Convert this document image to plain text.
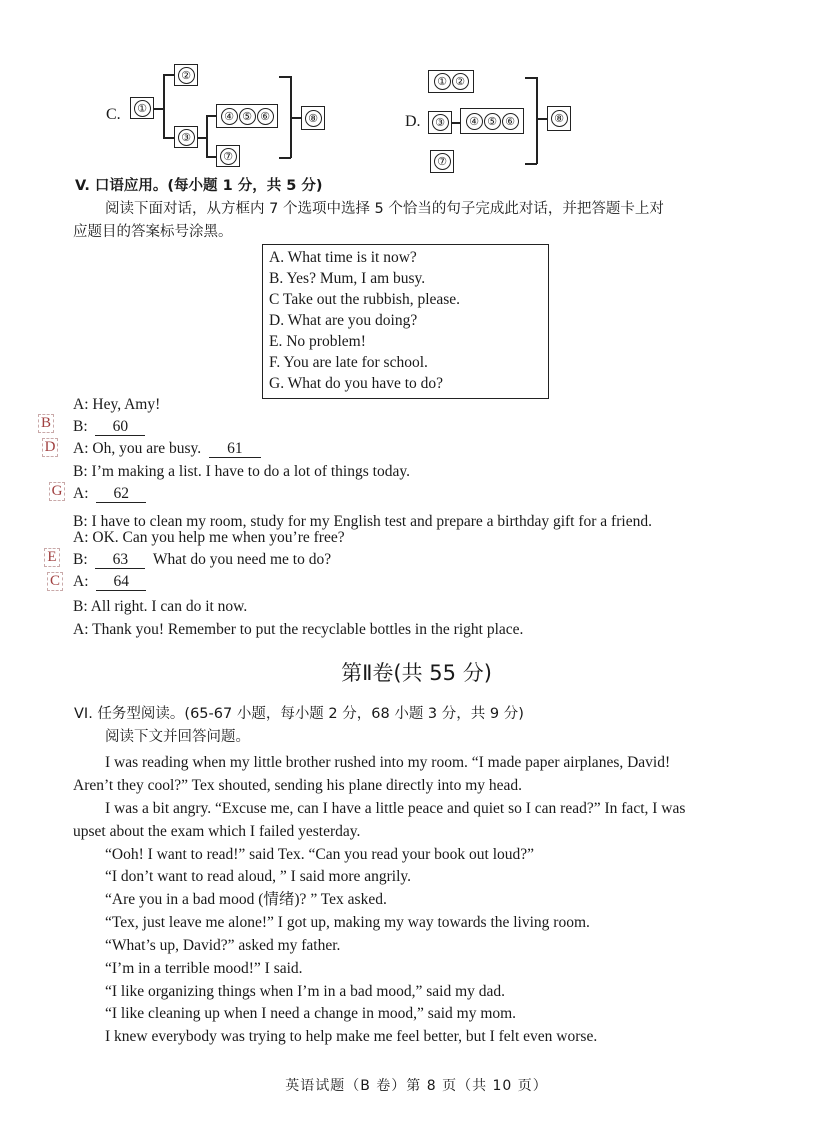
C.	①
②
③
④ ⑤ ⑥
⑦
⑧	D.
① ②
③	④ ⑤ ⑥
⑦
⑧
V. 口语应用。(每小题 1 分，共 5 分)
阅读下面对话，从方框内 7 个选项中选择 5 个恰当的句子完成此对话，并把答题卡上对
应题目的答案标号涂黑。
A. What time is it now?
B. Yes? Mum, I am busy.
C Take out the rubbish, please.
D. What are you doing?
E. No problem!
F. You are late for school.
G. What do you have to do?
A: Hey, Amy!
B B: 60
D A: Oh, you are busy. 61
B: I’m making a list. I have to do a lot of things today.
G A: 62
B: I have to clean my room, study for my English test and prepare a birthday gift for a friend.
A: OK. Can you help me when you’re free?
E B: 63 What do you need me to do?
C A: 64
B: All right. I can do it now.
A: Thank you! Remember to put the recyclable bottles in the right place.
第Ⅱ卷(共 55 分)
VI. 任务型阅读。(65-67 小题，每小题 2 分，68 小题 3 分，共 9 分)
阅读下文并回答问题。
I was reading when my little brother rushed into my room. “I made paper airplanes, David!
Aren’t they cool?” Tex shouted, sending his plane directly into my head.
I was a bit angry. “Excuse me, can I have a little peace and quiet so I can read?” In fact, I was
upset about the exam which I failed yesterday.
“Ooh! I want to read!” said Tex. “Can you read your book out loud?”
“I don’t want to read aloud, ” I said more angrily.
“Are you in a bad mood (情绪)? ” Tex asked.
“Tex, just leave me alone!” I got up, making my way towards the living room.
“What’s up, David?” asked my father.
“I’m in a terrible mood!” I said.
“I like organizing things when I’m in a bad mood,” said my dad.
“I like cleaning up when I need a change in mood,” said my mom.
I knew everybody was trying to help make me feel better, but I felt even worse.
英语试题（B 卷）第 8 页（共 10 页）
